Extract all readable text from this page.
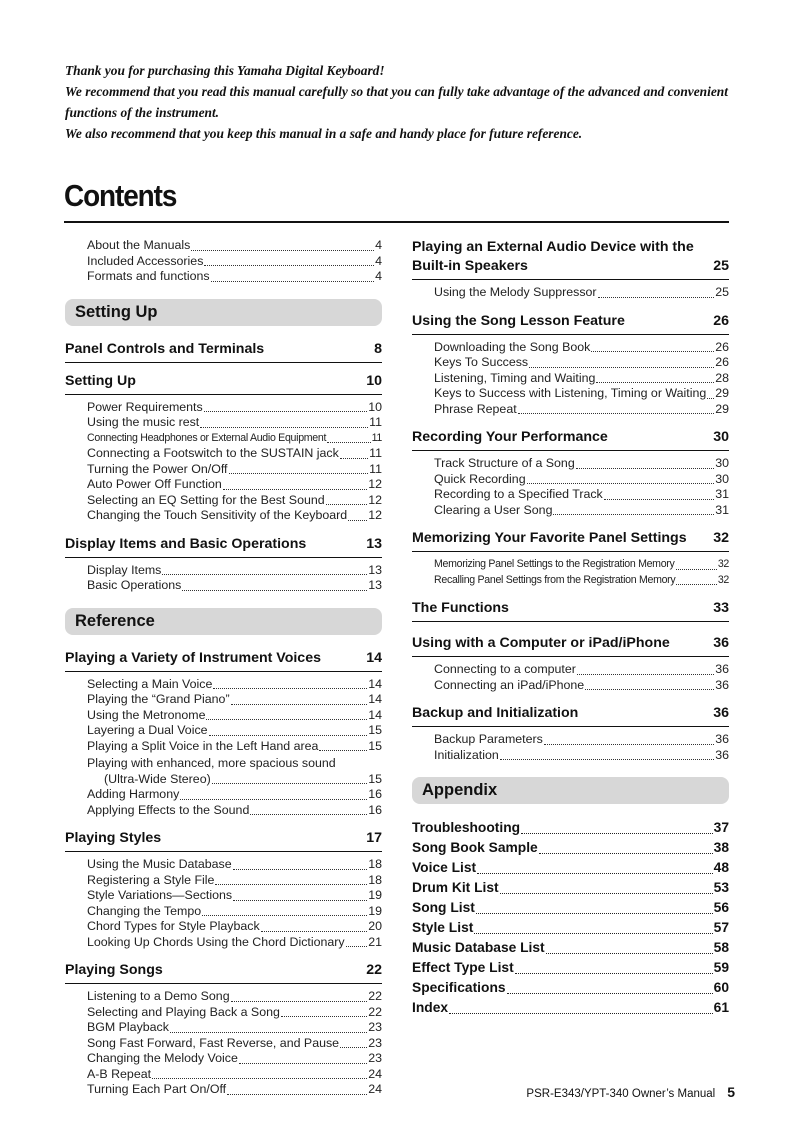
Thank you for purchasing this Yamaha Digital Keyboard!

We recommend that you read this manual carefully so that you can fully take advantage of the advanced and convenient functions of the instrument.

We also recommend that you keep this manual in a safe and handy place for future reference.

Contents
About the Manuals	4
Included Accessories	4
Formats and functions	4
Setting Up
Panel Controls and Terminals	8
Setting Up	10
Power Requirements	10
Using the music rest	11
Connecting Headphones or External Audio Equipment	11
Connecting a Footswitch to the SUSTAIN jack 11
Turning the Power On/Off	11
Auto Power Off Function	12
Selecting an EQ Setting for the Best Sound	12
Changing the Touch Sensitivity of the Keyboard 12
Display Items and Basic Operations	13
Display Items	13
Basic Operations	13
Reference
Playing a Variety of Instrument Voices	14
Selecting a Main Voice	14
Playing the “Grand Piano”	14
Using the Metronome	14
Layering a Dual Voice	15
Playing a Split Voice in the Left Hand area	15
Playing with enhanced, more spacious sound
(Ultra-Wide Stereo)	15
Adding Harmony	16
Applying Effects to the Sound	16
Playing Styles	17
Using the Music Database	18
Registering a Style File	18
Style Variations—Sections	19
Changing the Tempo	19
Chord Types for Style Playback	20
Looking Up Chords Using the Chord Dictionary 21
Playing Songs	22
Listening to a Demo Song	22
Selecting and Playing Back a Song	22
BGM Playback	23
Song Fast Forward, Fast Reverse, and Pause 23
Changing the Melody Voice	23
A-B Repeat	24
Turning Each Part On/Off	24
Playing an External Audio Device with the
Built-in Speakers	25
Using the Melody Suppressor	25
Using the Song Lesson Feature	26
Downloading the Song Book	26
Keys To Success	26
Listening, Timing and Waiting	28
Keys to Success with Listening, Timing or Waiting 29
Phrase Repeat	29
Recording Your Performance	30
Track Structure of a Song	30
Quick Recording	30
Recording to a Specified Track	31
Clearing a User Song	31
Memorizing Your Favorite Panel Settings 32
Memorizing Panel Settings to the Registration Memory	32
Recalling Panel Settings from the Registration Memory	32
The Functions	33
Using with a Computer or iPad/iPhone	36
Connecting to a computer	36
Connecting an iPad/iPhone	36
Backup and Initialization	36
Backup Parameters	36
Initialization	36
Appendix
Troubleshooting	37
Song Book Sample	38
Voice List	48
Drum Kit List	53
Song List	56
Style List	57
Music Database List	58
Effect Type List	59
Specifications	60
Index	61
PSR-E343/YPT-340 Owner’s Manual 5
